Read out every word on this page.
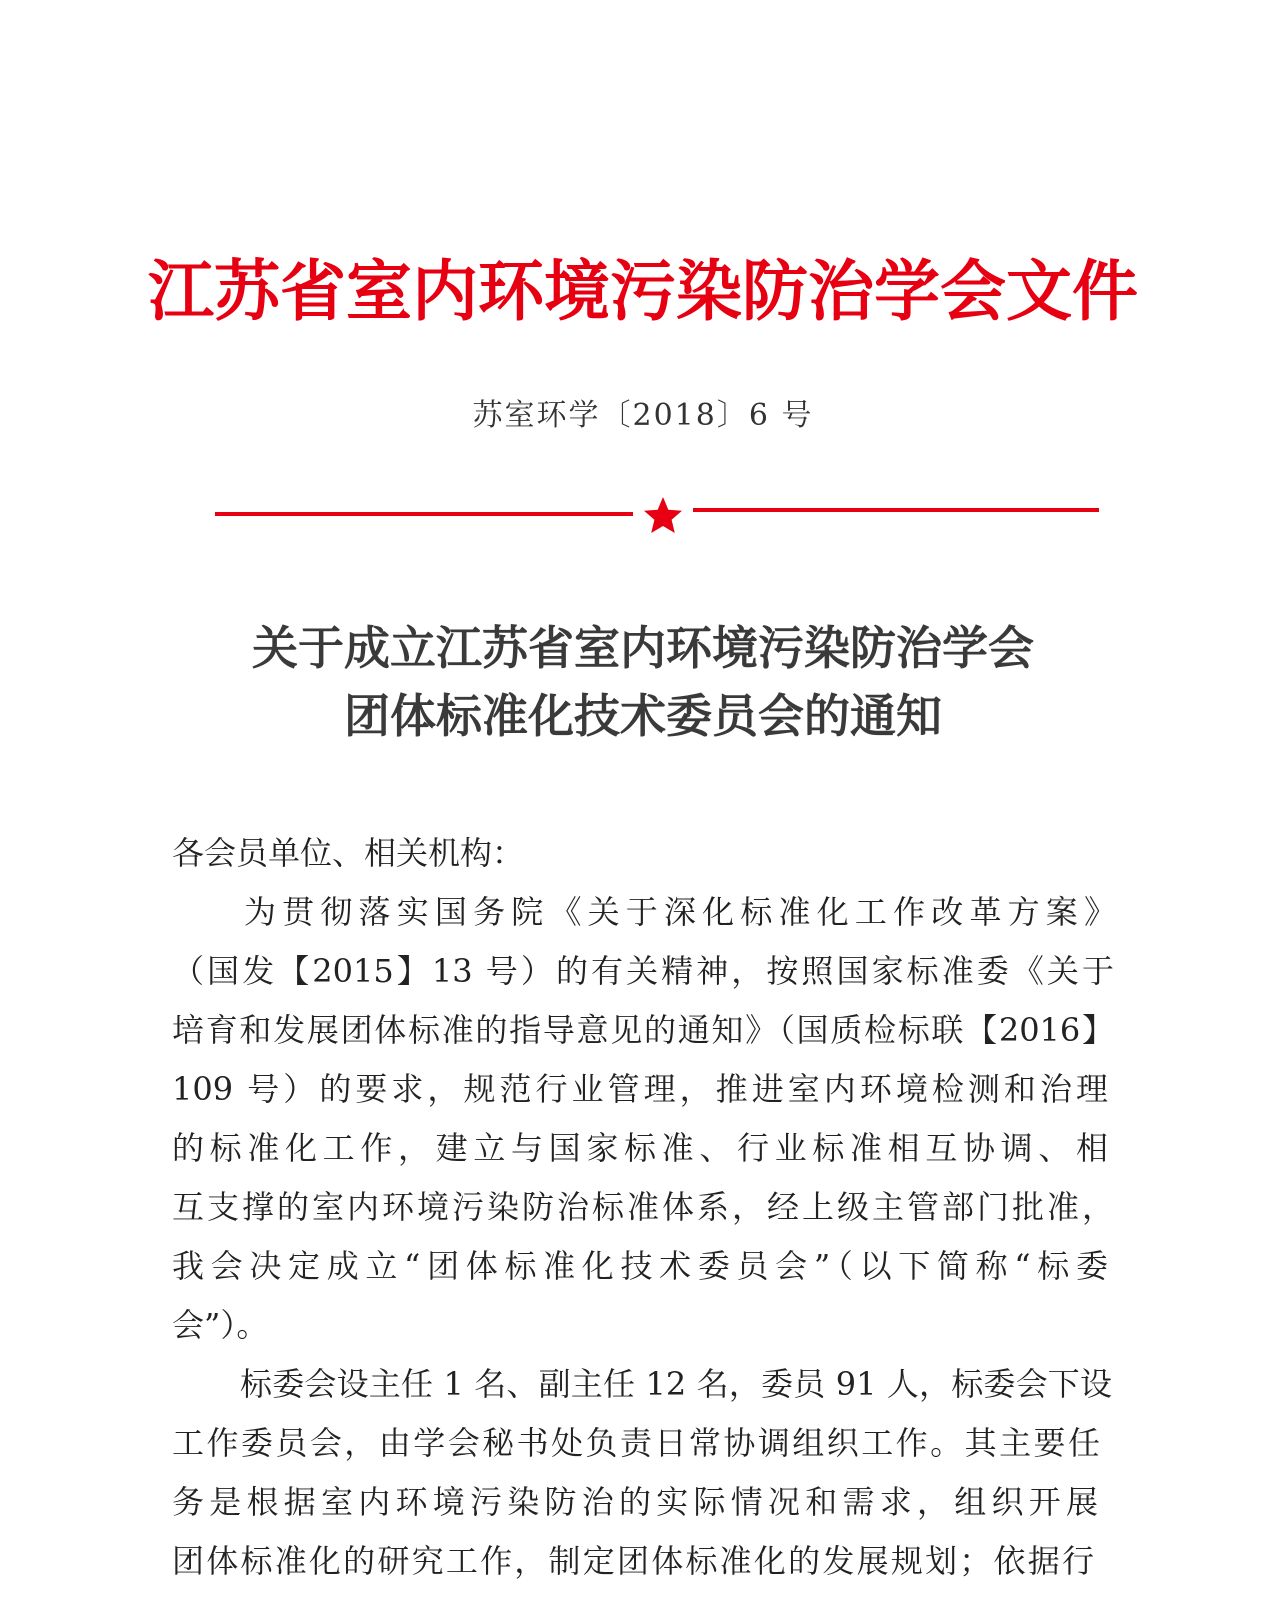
江苏省室内环境污染防治学会文件
苏室环学〔2018〕6 号
关于成立江苏省室内环境污染防治学会
团体标准化技术委员会的通知
各会员单位、相关机构：
为贯彻落实国务院《关于深化标准化工作改革方案》
（国发【2015】13 号）的有关精神，按照国家标准委《关于
培育和发展团体标准的指导意见的通知》（国质检标联【2016】
109 号）的要求，规范行业管理，推进室内环境检测和治理
的标准化工作，建立与国家标准、行业标准相互协调、相
互支撑的室内环境污染防治标准体系，经上级主管部门批准，
我会决定成立“团体标准化技术委员会”（以下简称“标委
会”）。
标委会设主任 1 名、副主任 12 名，委员 91 人，标委会下设
工作委员会，由学会秘书处负责日常协调组织工作。其主要任
务是根据室内环境污染防治的实际情况和需求，组织开展
团体标准化的研究工作，制定团体标准化的发展规划；依据行
